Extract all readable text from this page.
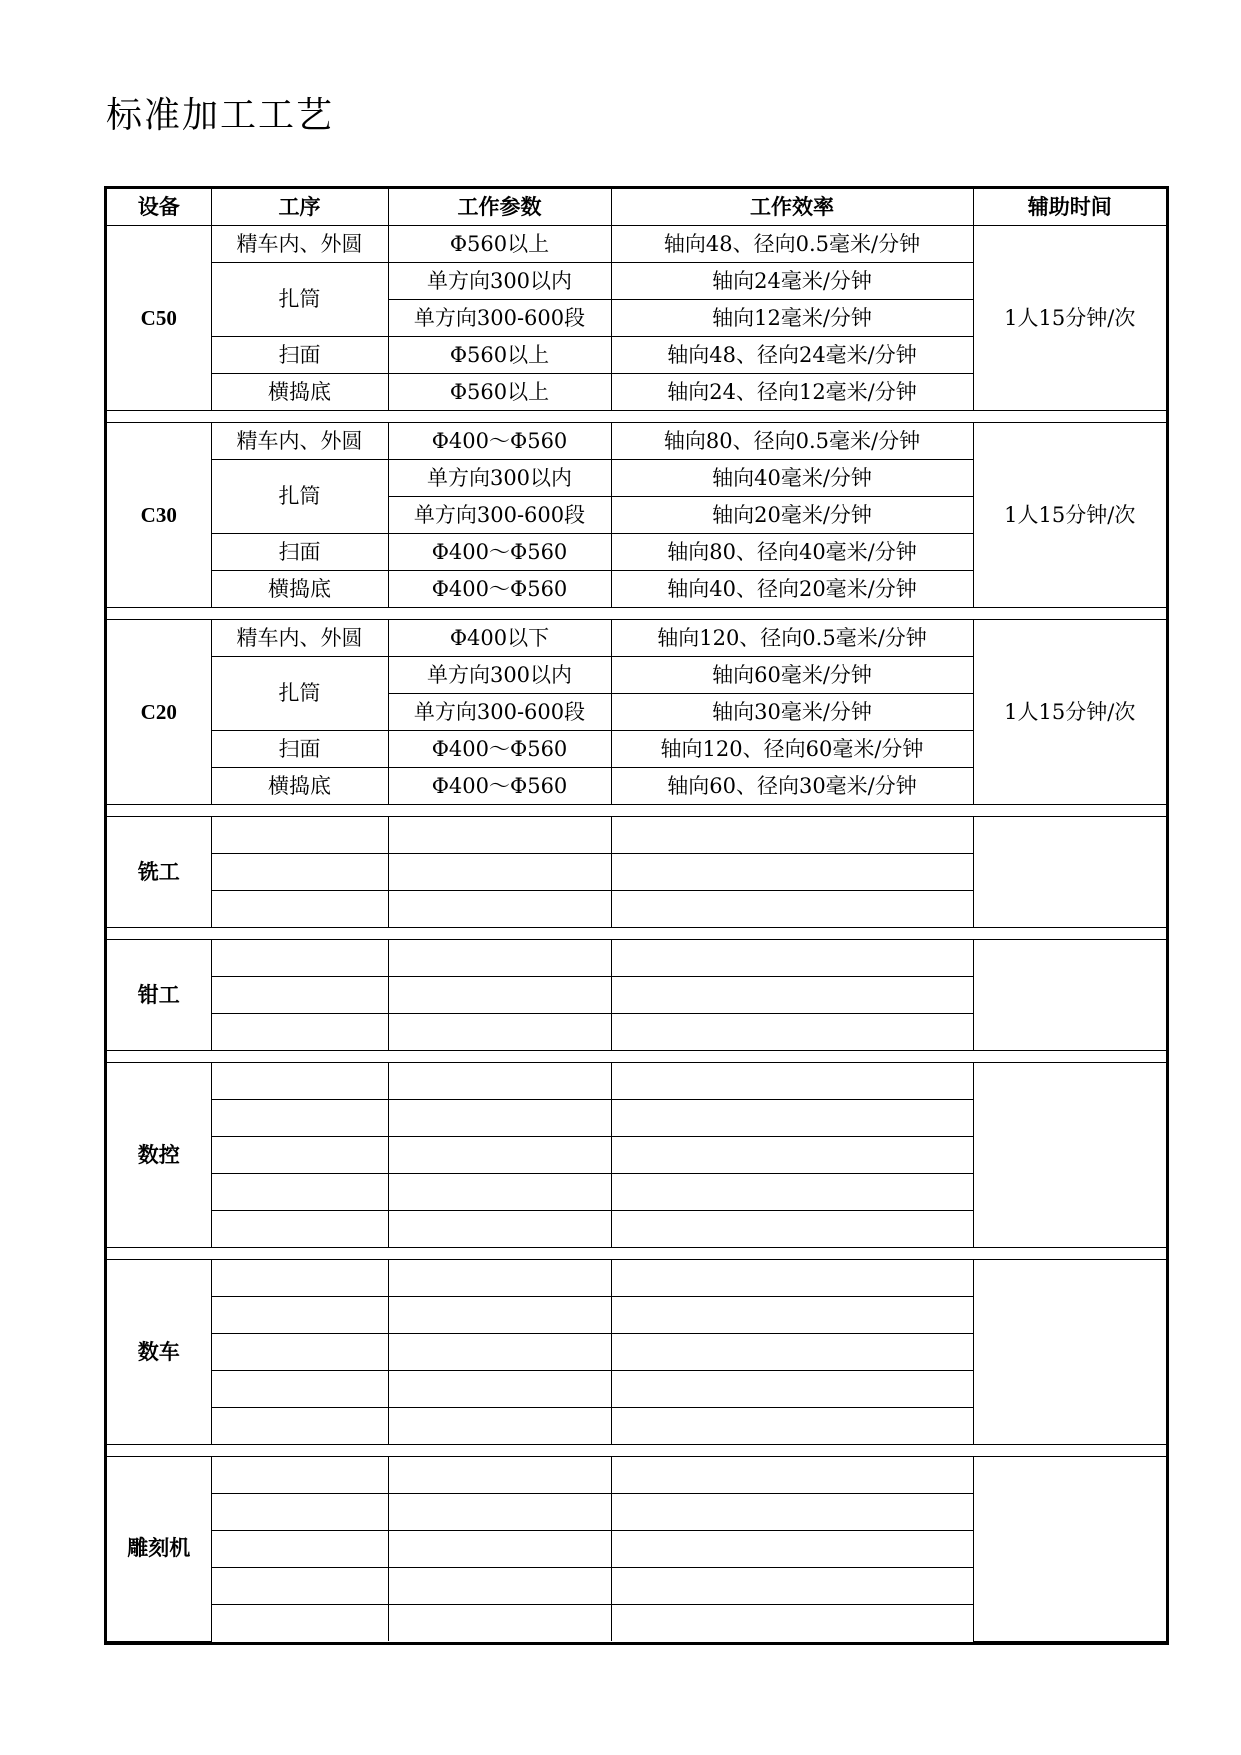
标准加工工艺
设备	工序	工作参数	工作效率	辅助时间
C50	精车内、外圆	Φ560以上	轴向48、径向0.5毫米/分钟	1人15分钟/次
	扎筒	单方向300以内	轴向24毫米/分钟	
		单方向300-600段	轴向12毫米/分钟	
	扫面	Φ560以上	轴向48、径向24毫米/分钟	
	横捣底	Φ560以上	轴向24、径向12毫米/分钟	

C30	精车内、外圆	Φ400～Φ560	轴向80、径向0.5毫米/分钟	1人15分钟/次
	扎筒	单方向300以内	轴向40毫米/分钟	
		单方向300-600段	轴向20毫米/分钟	
	扫面	Φ400～Φ560	轴向80、径向40毫米/分钟	
	横捣底	Φ400～Φ560	轴向40、径向20毫米/分钟	

C20	精车内、外圆	Φ400以下	轴向120、径向0.5毫米/分钟	1人15分钟/次
	扎筒	单方向300以内	轴向60毫米/分钟	
		单方向300-600段	轴向30毫米/分钟	
	扫面	Φ400～Φ560	轴向120、径向60毫米/分钟	
	横捣底	Φ400～Φ560	轴向60、径向30毫米/分钟	

铣工				

钳工				

数控				

数车				

雕刻机				
